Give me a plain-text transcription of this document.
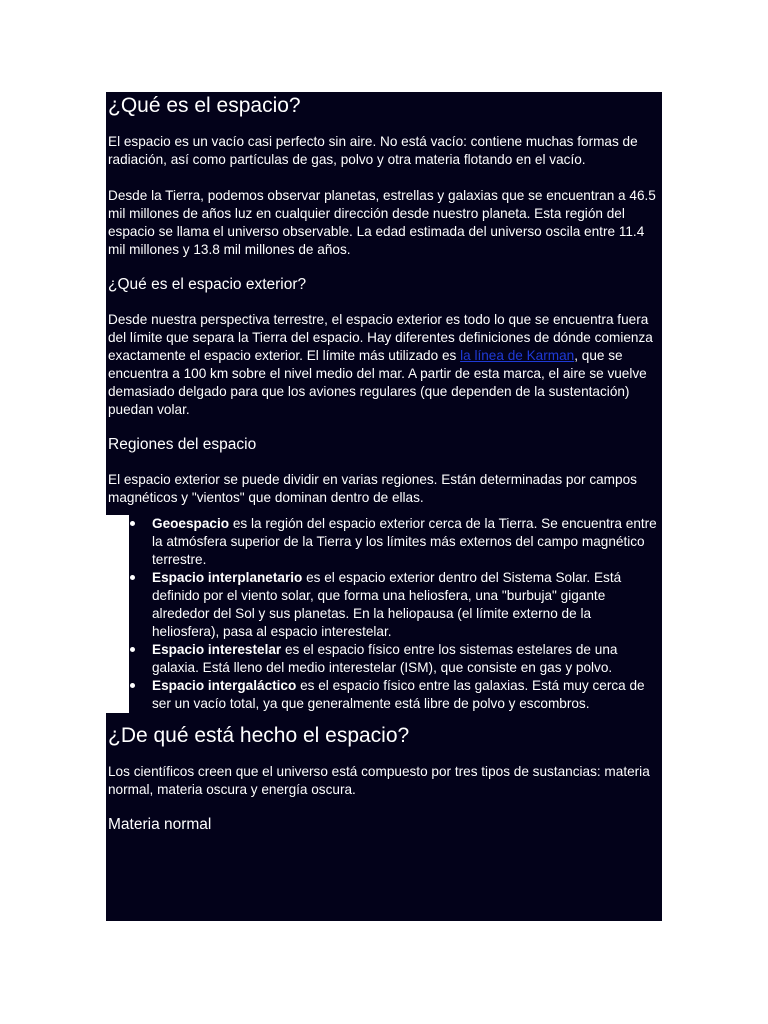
¿Qué es el espacio?

El espacio es un vacío casi perfecto sin aire. No está vacío: contiene muchas formas de radiación, así como partículas de gas, polvo y otra materia flotando en el vacío.

Desde la Tierra, podemos observar planetas, estrellas y galaxias que se encuentran a 46.5 mil millones de años luz en cualquier dirección desde nuestro planeta. Esta región del espacio se llama el universo observable. La edad estimada del universo oscila entre 11.4 mil millones y 13.8 mil millones de años.

¿Qué es el espacio exterior?

Desde nuestra perspectiva terrestre, el espacio exterior es todo lo que se encuentra fuera del límite que separa la Tierra del espacio. Hay diferentes definiciones de dónde comienza exactamente el espacio exterior. El límite más utilizado es la línea de Karman, que se encuentra a 100 km sobre el nivel medio del mar. A partir de esta marca, el aire se vuelve demasiado delgado para que los aviones regulares (que dependen de la sustentación) puedan volar.

Regiones del espacio

El espacio exterior se puede dividir en varias regiones. Están determinadas por campos magnéticos y "vientos" que dominan dentro de ellas.

Geoespacio es la región del espacio exterior cerca de la Tierra. Se encuentra entre la atmósfera superior de la Tierra y los límites más externos del campo magnético terrestre.
Espacio interplanetario es el espacio exterior dentro del Sistema Solar. Está definido por el viento solar, que forma una heliosfera, una "burbuja" gigante alrededor del Sol y sus planetas. En la heliopausa (el límite externo de la heliosfera), pasa al espacio interestelar.
Espacio interestelar es el espacio físico entre los sistemas estelares de una galaxia. Está lleno del medio interestelar (ISM), que consiste en gas y polvo.
Espacio intergaláctico es el espacio físico entre las galaxias. Está muy cerca de ser un vacío total, ya que generalmente está libre de polvo y escombros.
¿De qué está hecho el espacio?

Los científicos creen que el universo está compuesto por tres tipos de sustancias: materia normal, materia oscura y energía oscura.

Materia normal
